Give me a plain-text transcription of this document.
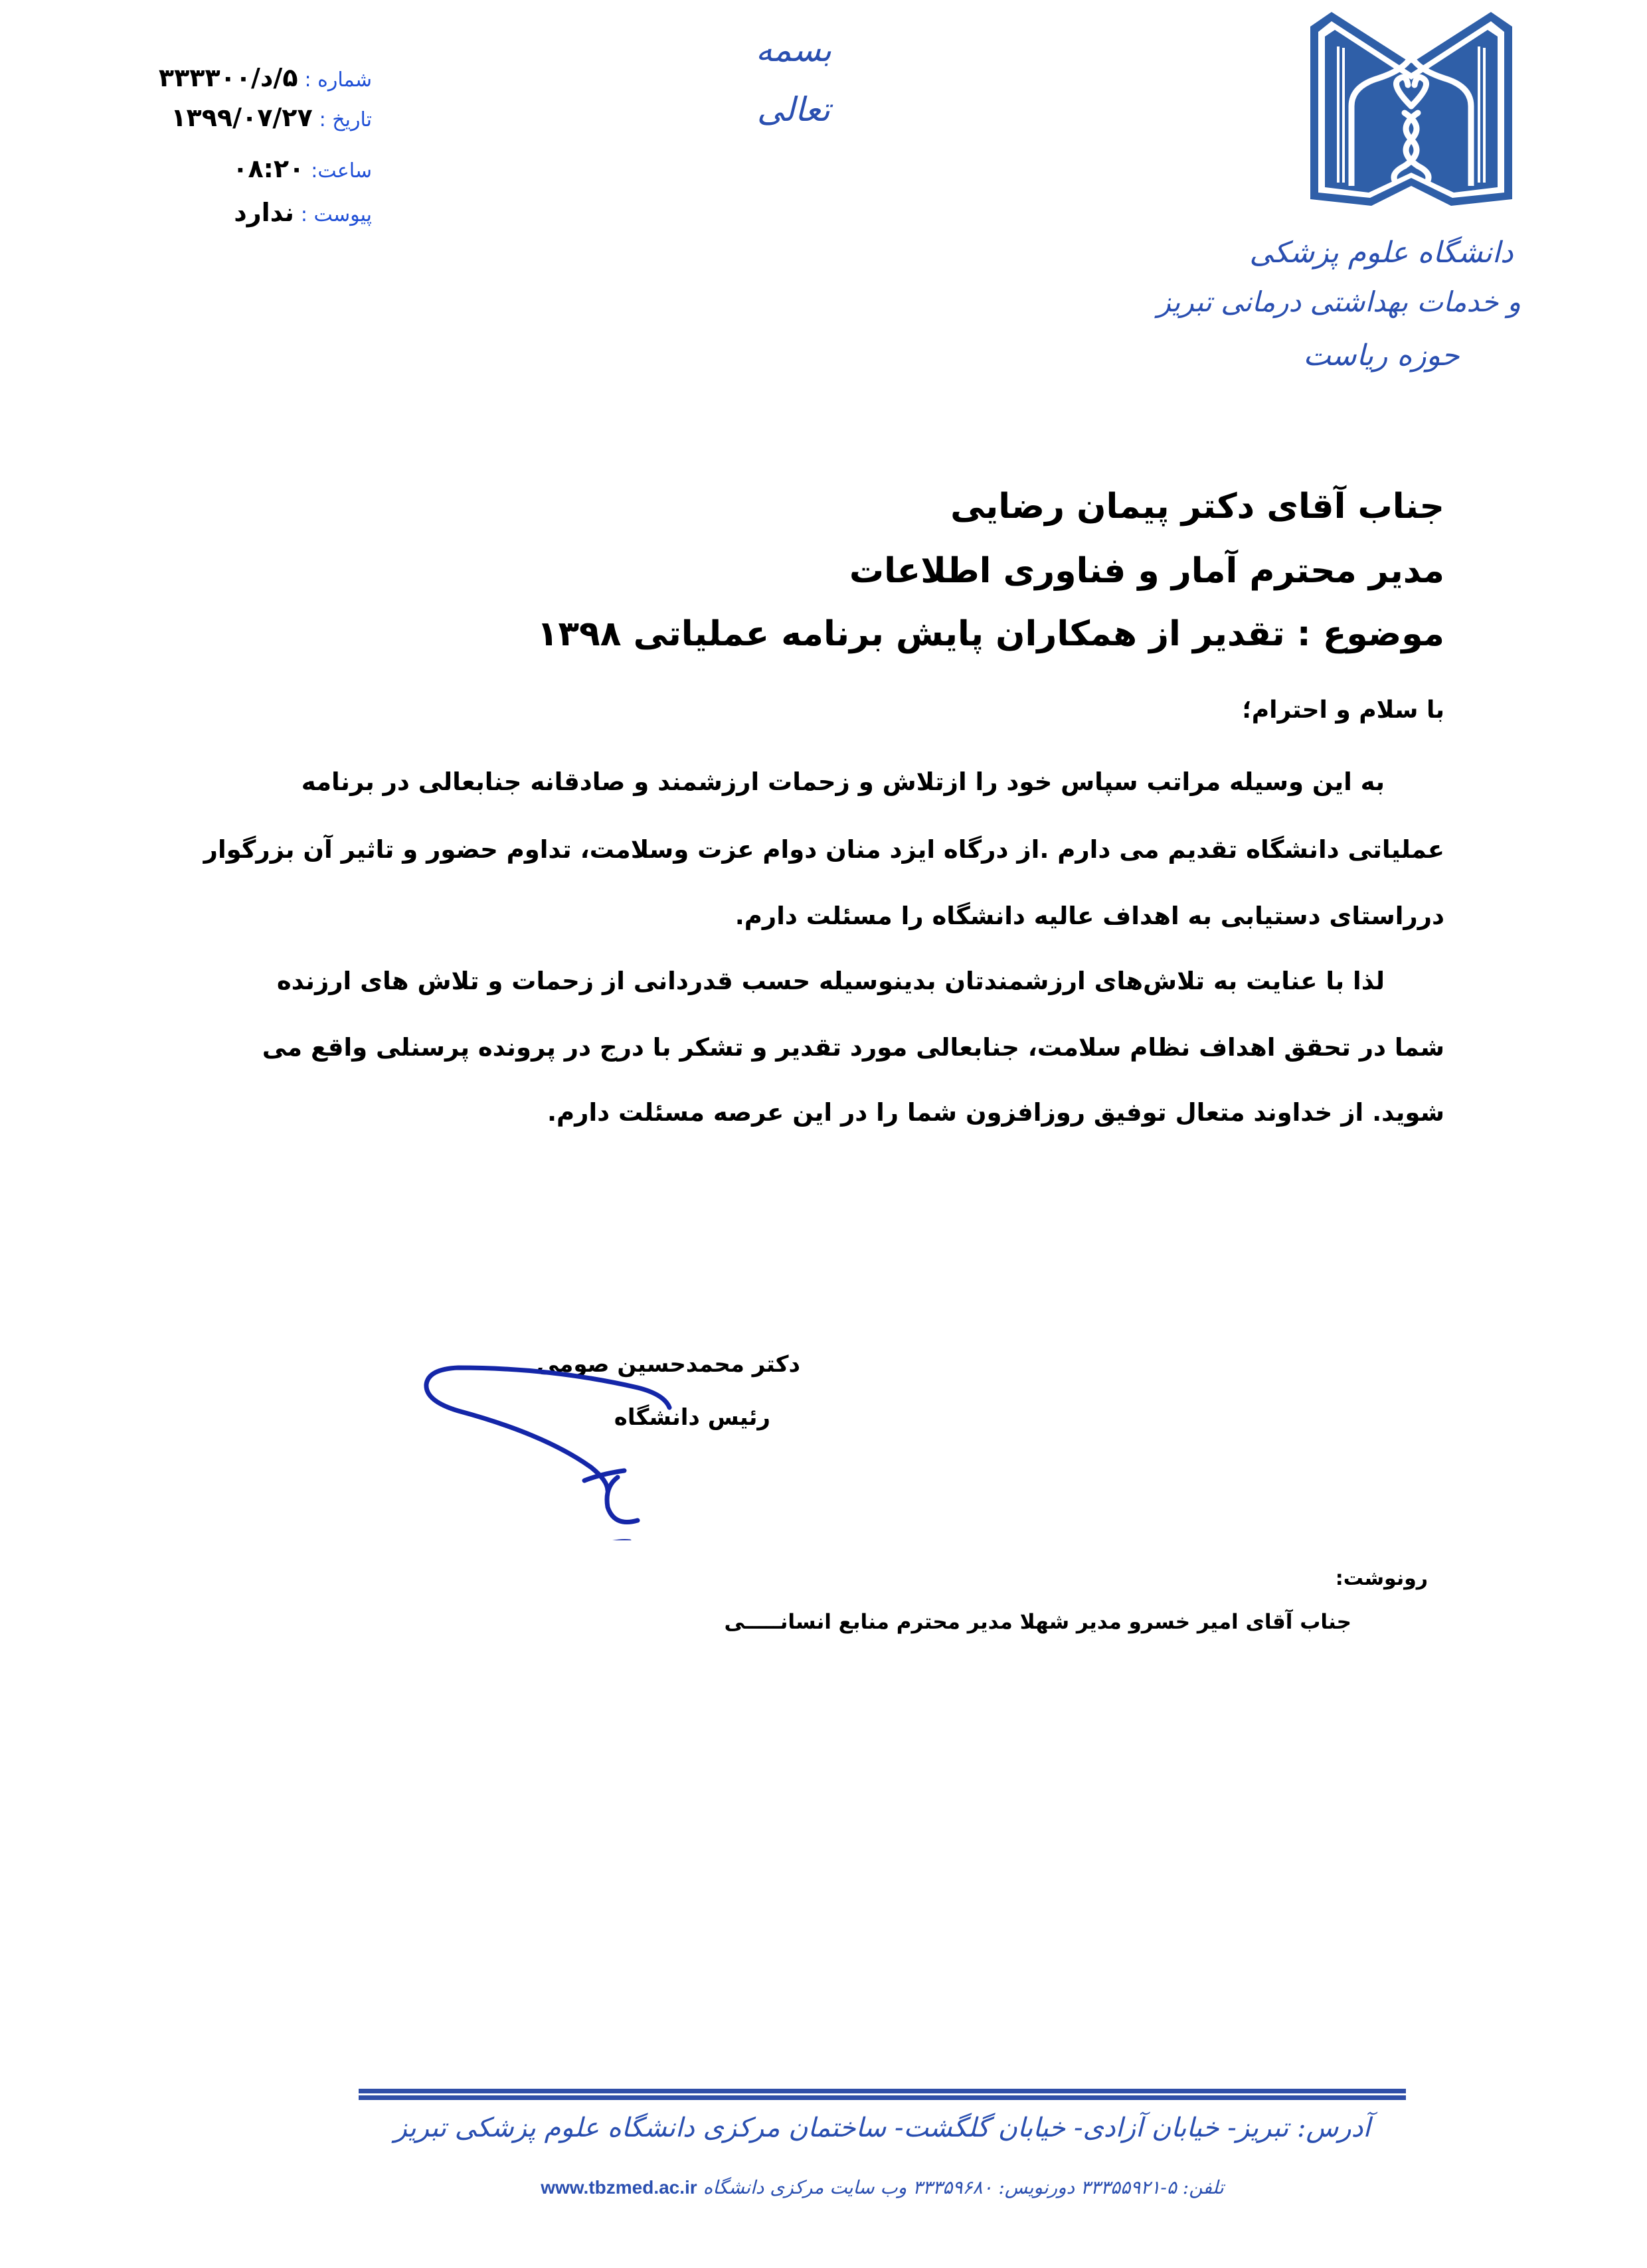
بسمه تعالی
شماره :
۵/د/۳۳۳۳۰۰
تاریخ :
۱۳۹۹/۰۷/۲۷
ساعت:
۰۸:۲۰
پیوست :
ندارد
دانشگاه علوم پزشکی
و خدمات بهداشتی درمانی تبریز
حوزه ریاست
جناب آقای دکتر پیمان رضایی
مدیر محترم آمار و فناوری اطلاعات
موضوع : تقدیر از همکاران پایش برنامه عملیاتی ۱۳۹۸
با سلام و احترام؛
به این وسیله مراتب سپاس خود را ازتلاش و زحمات ارزشمند و صادقانه جنابعالی در برنامه
عملیاتی دانشگاه تقدیم می دارم .از درگاه ایزد منان دوام عزت وسلامت، تداوم حضور و تاثیر آن بزرگوار
درراستای دستیابی به اهداف عالیه دانشگاه را مسئلت دارم.
لذا با عنایت به تلاش‌های ارزشمندتان بدینوسیله حسب قدردانی از زحمات و تلاش های ارزنده
شما در تحقق اهداف نظام سلامت، جنابعالی مورد تقدیر و تشکر با درج در پرونده پرسنلی واقع می
شوید. از خداوند متعال توفیق روزافزون شما را در این عرصه مسئلت دارم.
دکتر محمدحسین صومی
رئیس دانشگاه
رونوشت:
جناب آقای امیر خسرو مدیر شهلا مدیر محترم منابع انسانـــــی
آدرس: تبریز- خیابان آزادی- خیابان گلگشت- ساختمان مرکزی دانشگاه علوم پزشکی تبریز
تلفن: ۵-۳۳۳۵۵۹۲۱ دورنویس: ۳۳۳۵۹۶۸۰ وب سایت مرکزی دانشگاه www.tbzmed.ac.ir
